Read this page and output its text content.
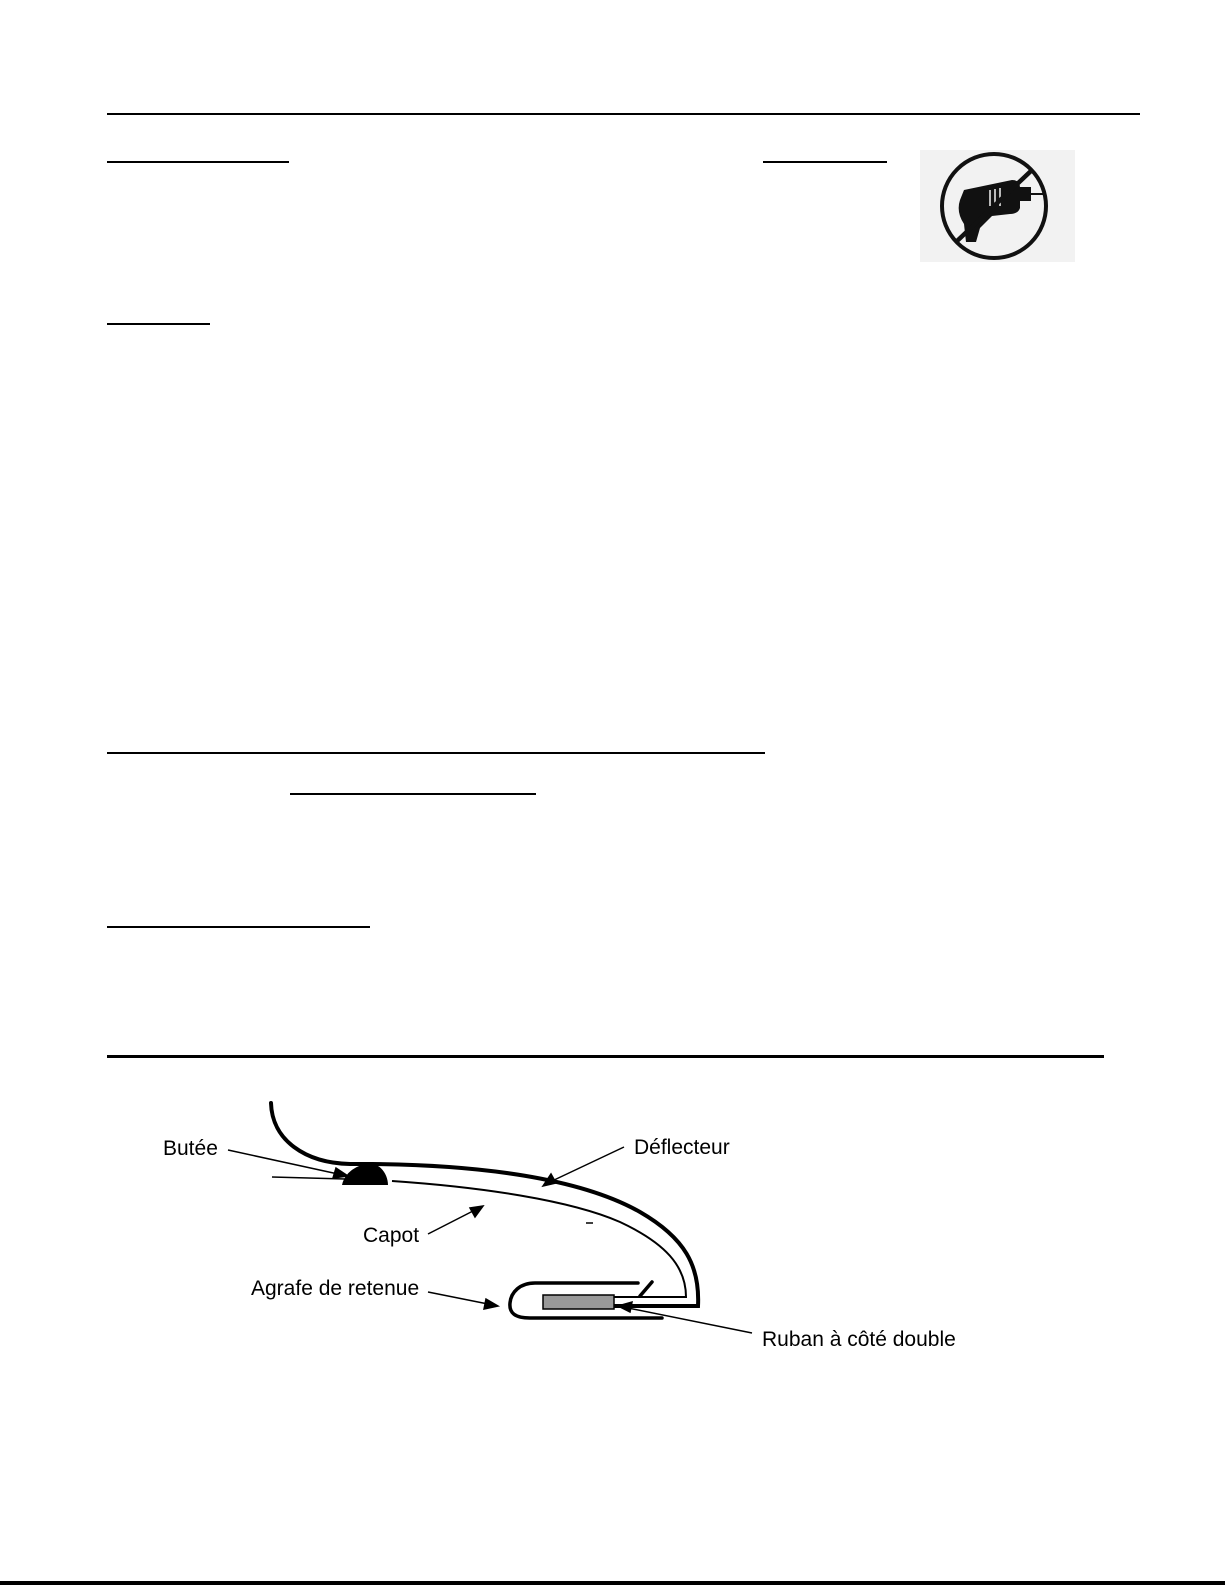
Butée	Déflecteur
Capot
Agrafe de retenue
Ruban à côté double
